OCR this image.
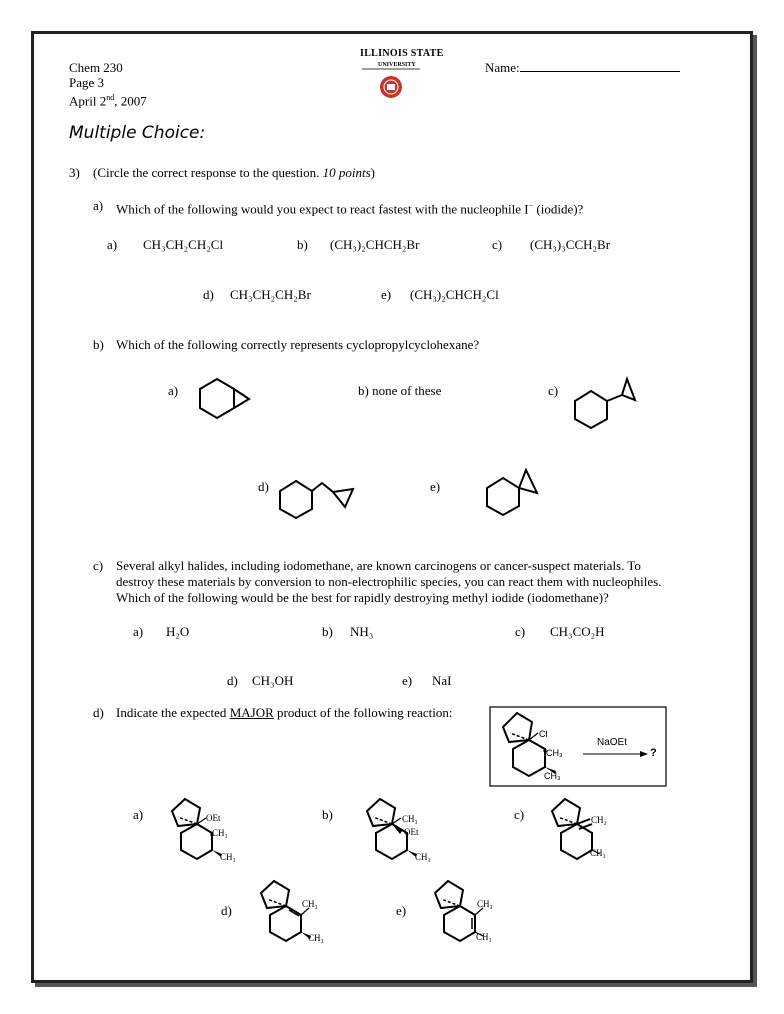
Chem 230
Page 3
April 2nd, 2007
ILLINOIS STATE
UNIVERSITY	Name:
Multiple Choice:
3) (Circle the correct response to the question. 10 points)
a) Which of the following would you expect to react fastest with the nucleophile I− (iodide)?
a) CH₃CH₂CH₂Cl	b) (CH₃)₂CHCH₂Br	c) (CH₃)₃CCH₂Br
d) CH₃CH₂CH₂Br	e) (CH₃)₂CHCH₂Cl
b) Which of the following correctly represents cyclopropylcyclohexane?
a)	b) none of these	c)
d)	e)
c) Several alkyl halides, including iodomethane, are known carcinogens or cancer-suspect materials. To
destroy these materials by conversion to non-electrophilic species, you can react them with nucleophiles.
Which of the following would be the best for rapidly destroying methyl iodide (iodomethane)?
a) H₂O	b) NH₃	c) CH₃CO₂H
d) CH₃OH	e) NaI
d) Indicate the expected MAJOR product of the following reaction:
Cl
CH₃
CH₃
NaOEt
?
a)	b)	c)
d)	e)
OEt
CH₃
CH₃
CH₃
OEt
CH₃
CH₂
CH₃
CH₃
CH₃
CH₃
CH₃
